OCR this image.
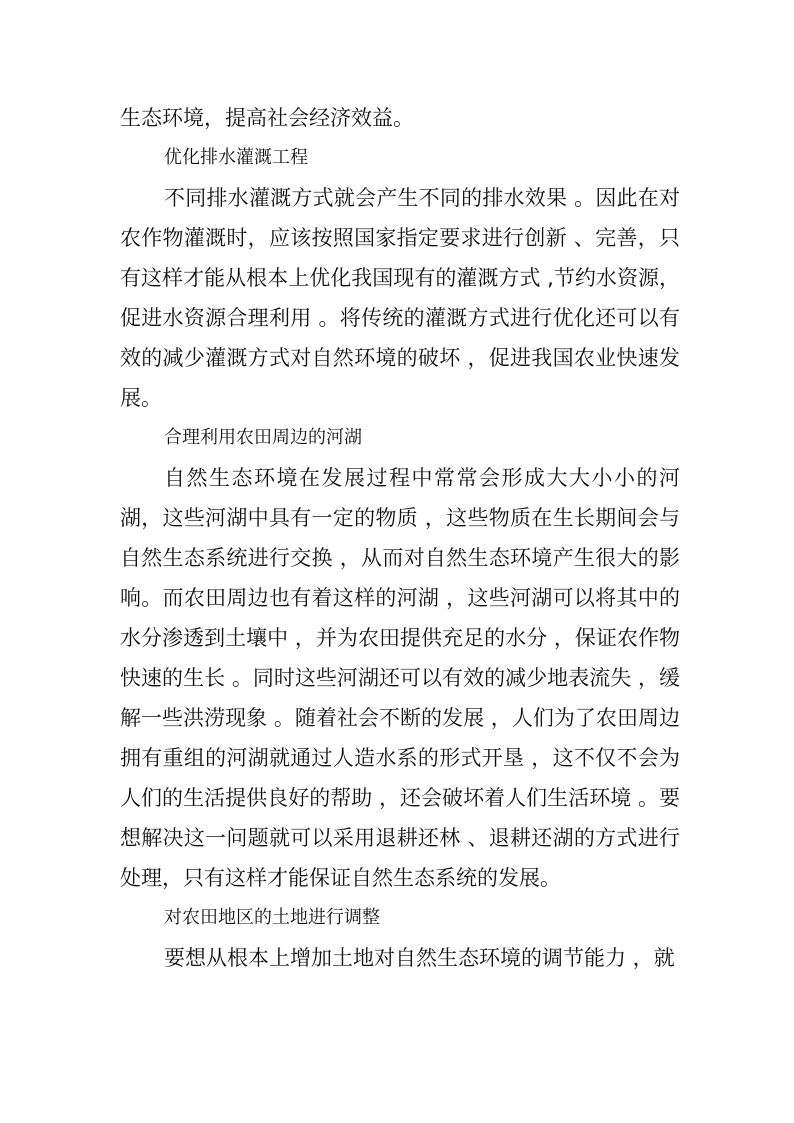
生态环境，提高社会经济效益。

优化排水灌溉工程

不同排水灌溉方式就会产生不同的排水效果 。因此在对农作物灌溉时，应该按照国家指定要求进行创新 、完善，只有这样才能从根本上优化我国现有的灌溉方式 ,节约水资源，促进水资源合理利用 。将传统的灌溉方式进行优化还可以有效的减少灌溉方式对自然环境的破坏 ，促进我国农业快速发展。

合理利用农田周边的河湖

自然生态环境在发展过程中常常会形成大大小小的河湖，这些河湖中具有一定的物质 ，这些物质在生长期间会与自然生态系统进行交换 ，从而对自然生态环境产生很大的影响。而农田周边也有着这样的河湖 ，这些河湖可以将其中的水分渗透到土壤中 ，并为农田提供充足的水分 ，保证农作物快速的生长 。同时这些河湖还可以有效的减少地表流失 ，缓解一些洪涝现象 。随着社会不断的发展 ，人们为了农田周边拥有重组的河湖就通过人造水系的形式开垦 ，这不仅不会为人们的生活提供良好的帮助 ，还会破坏着人们生活环境 。要想解决这一问题就可以采用退耕还林 、退耕还湖的方式进行处理，只有这样才能保证自然生态系统的发展。

对农田地区的土地进行调整

要想从根本上增加土地对自然生态环境的调节能力 ，就
